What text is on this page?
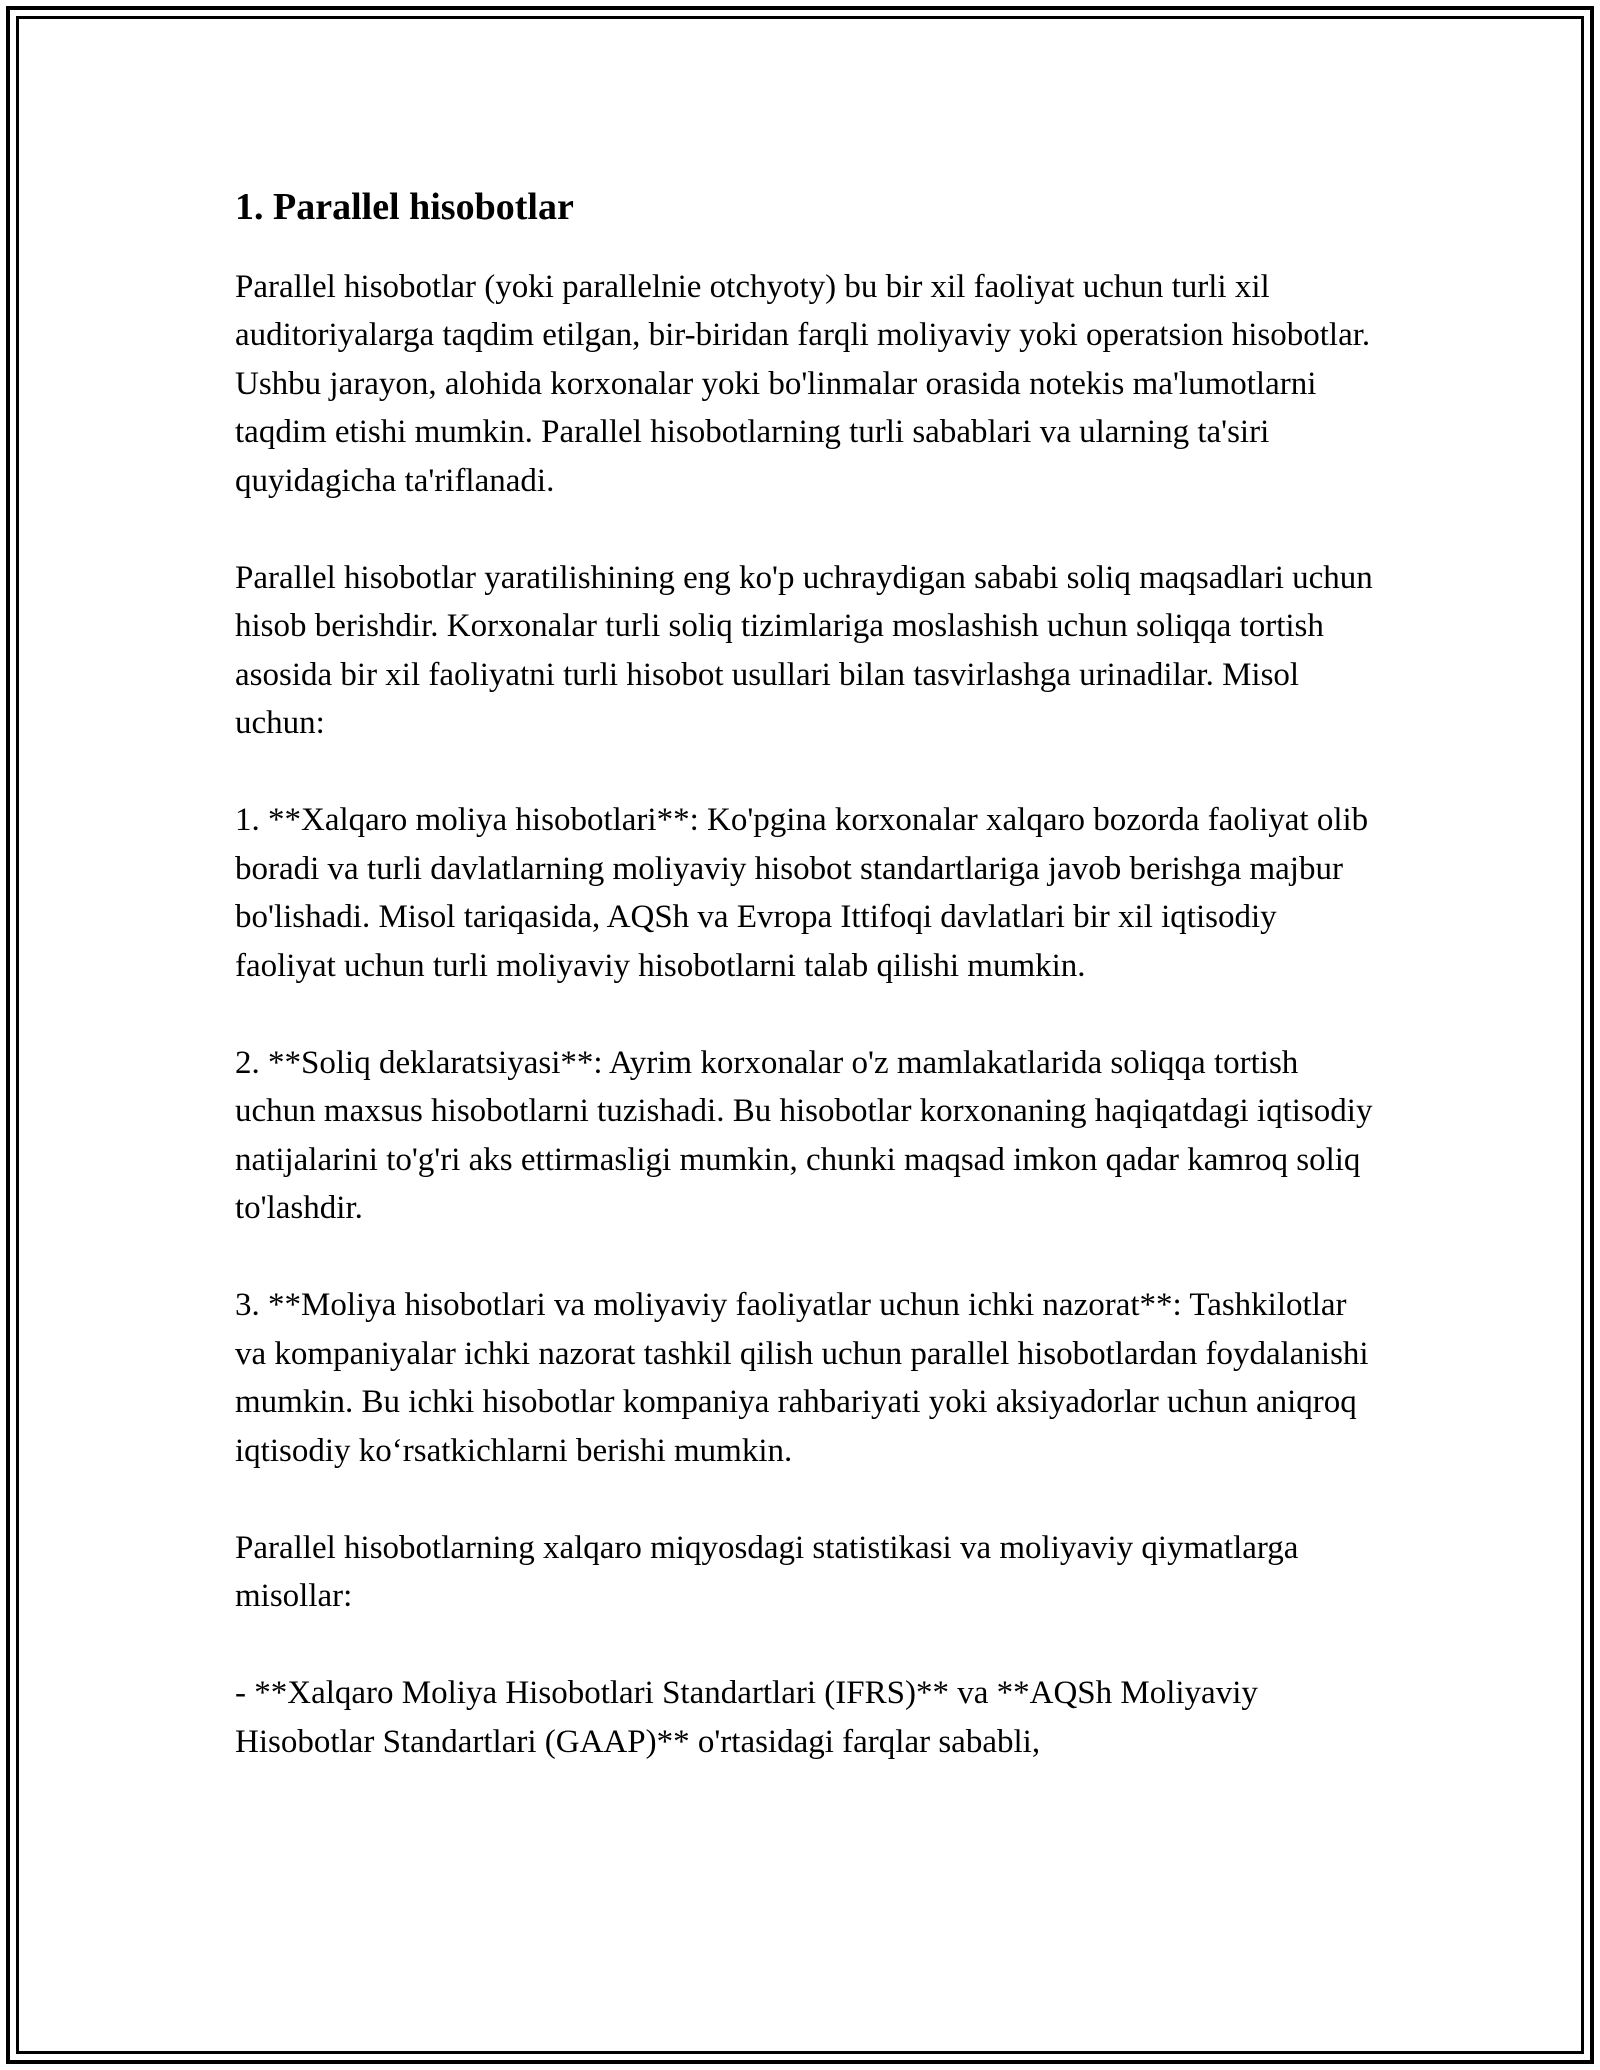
1. Parallel hisobotlar

Parallel hisobotlar (yoki parallelnie otchyoty) bu bir xil faoliyat uchun turli xil auditoriyalarga taqdim etilgan, bir-biridan farqli moliyaviy yoki operatsion hisobotlar. Ushbu jarayon, alohida korxonalar yoki bo'linmalar orasida notekis ma'lumotlarni taqdim etishi mumkin. Parallel hisobotlarning turli sabablari va ularning ta'siri quyidagicha ta'riflanadi.

Parallel hisobotlar yaratilishining eng ko'p uchraydigan sababi soliq maqsadlari uchun hisob berishdir. Korxonalar turli soliq tizimlariga moslashish uchun soliqqa tortish asosida bir xil faoliyatni turli hisobot usullari bilan tasvirlashga urinadilar. Misol uchun:

1. **Xalqaro moliya hisobotlari**: Ko'pgina korxonalar xalqaro bozorda faoliyat olib boradi va turli davlatlarning moliyaviy hisobot standartlariga javob berishga majbur bo'lishadi. Misol tariqasida, AQSh va Evropa Ittifoqi davlatlari bir xil iqtisodiy faoliyat uchun turli moliyaviy hisobotlarni talab qilishi mumkin.

2. **Soliq deklaratsiyasi**: Ayrim korxonalar o'z mamlakatlarida soliqqa tortish uchun maxsus hisobotlarni tuzishadi. Bu hisobotlar korxonaning haqiqatdagi iqtisodiy natijalarini to'g'ri aks ettirmasligi mumkin, chunki maqsad imkon qadar kamroq soliq to'lashdir.

3. **Moliya hisobotlari va moliyaviy faoliyatlar uchun ichki nazorat**: Tashkilotlar va kompaniyalar ichki nazorat tashkil qilish uchun parallel hisobotlardan foydalanishi mumkin. Bu ichki hisobotlar kompaniya rahbariyati yoki aksiyadorlar uchun aniqroq iqtisodiy koʻrsatkichlarni berishi mumkin.

Parallel hisobotlarning xalqaro miqyosdagi statistikasi va moliyaviy qiymatlarga misollar:

- **Xalqaro Moliya Hisobotlari Standartlari (IFRS)** va **AQSh Moliyaviy Hisobotlar Standartlari (GAAP)** o'rtasidagi farqlar sababli,
